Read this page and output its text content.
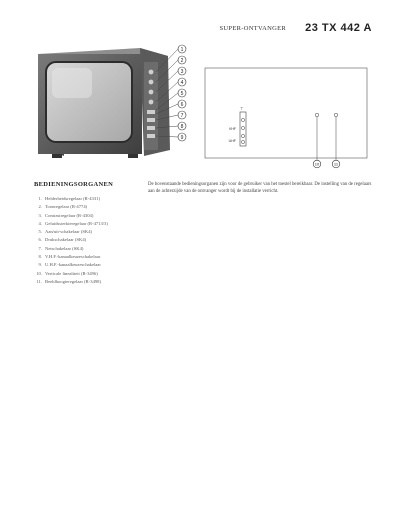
SUPER-ONTVANGER 23 TX 442 A
1
2
3
4
5
6
7
8
9
⊤
VHF
UHF
10	11
BEDIENINGSORGANEN
1. Helderheidsregelaar (R-4331)
2. Toonregelaar (R-4774)
3. Contrastregelaar (R-4304)
4. Geluidssterkteregelaar (R-4713/3)
5. Aan/uit-schakelaar (SK4)
6. Drukschakelaar (SK4)
7. Netschakelaar (SK4)
8. V.H.F.-kanaalkeuzeschakelaar
9. U.H.F.-kanaalkeuzeschakelaar
10. Verticale linealiteit (R-3496)
11. Beeldhoogteregelaar (R-3498)

De bovenstaande bedieningsorganen zijn voor de gebruiker van het toestel bereikbaar. De instelling van de regelaars aan de achterzijde van de ontvanger wordt bij de installatie verricht.
